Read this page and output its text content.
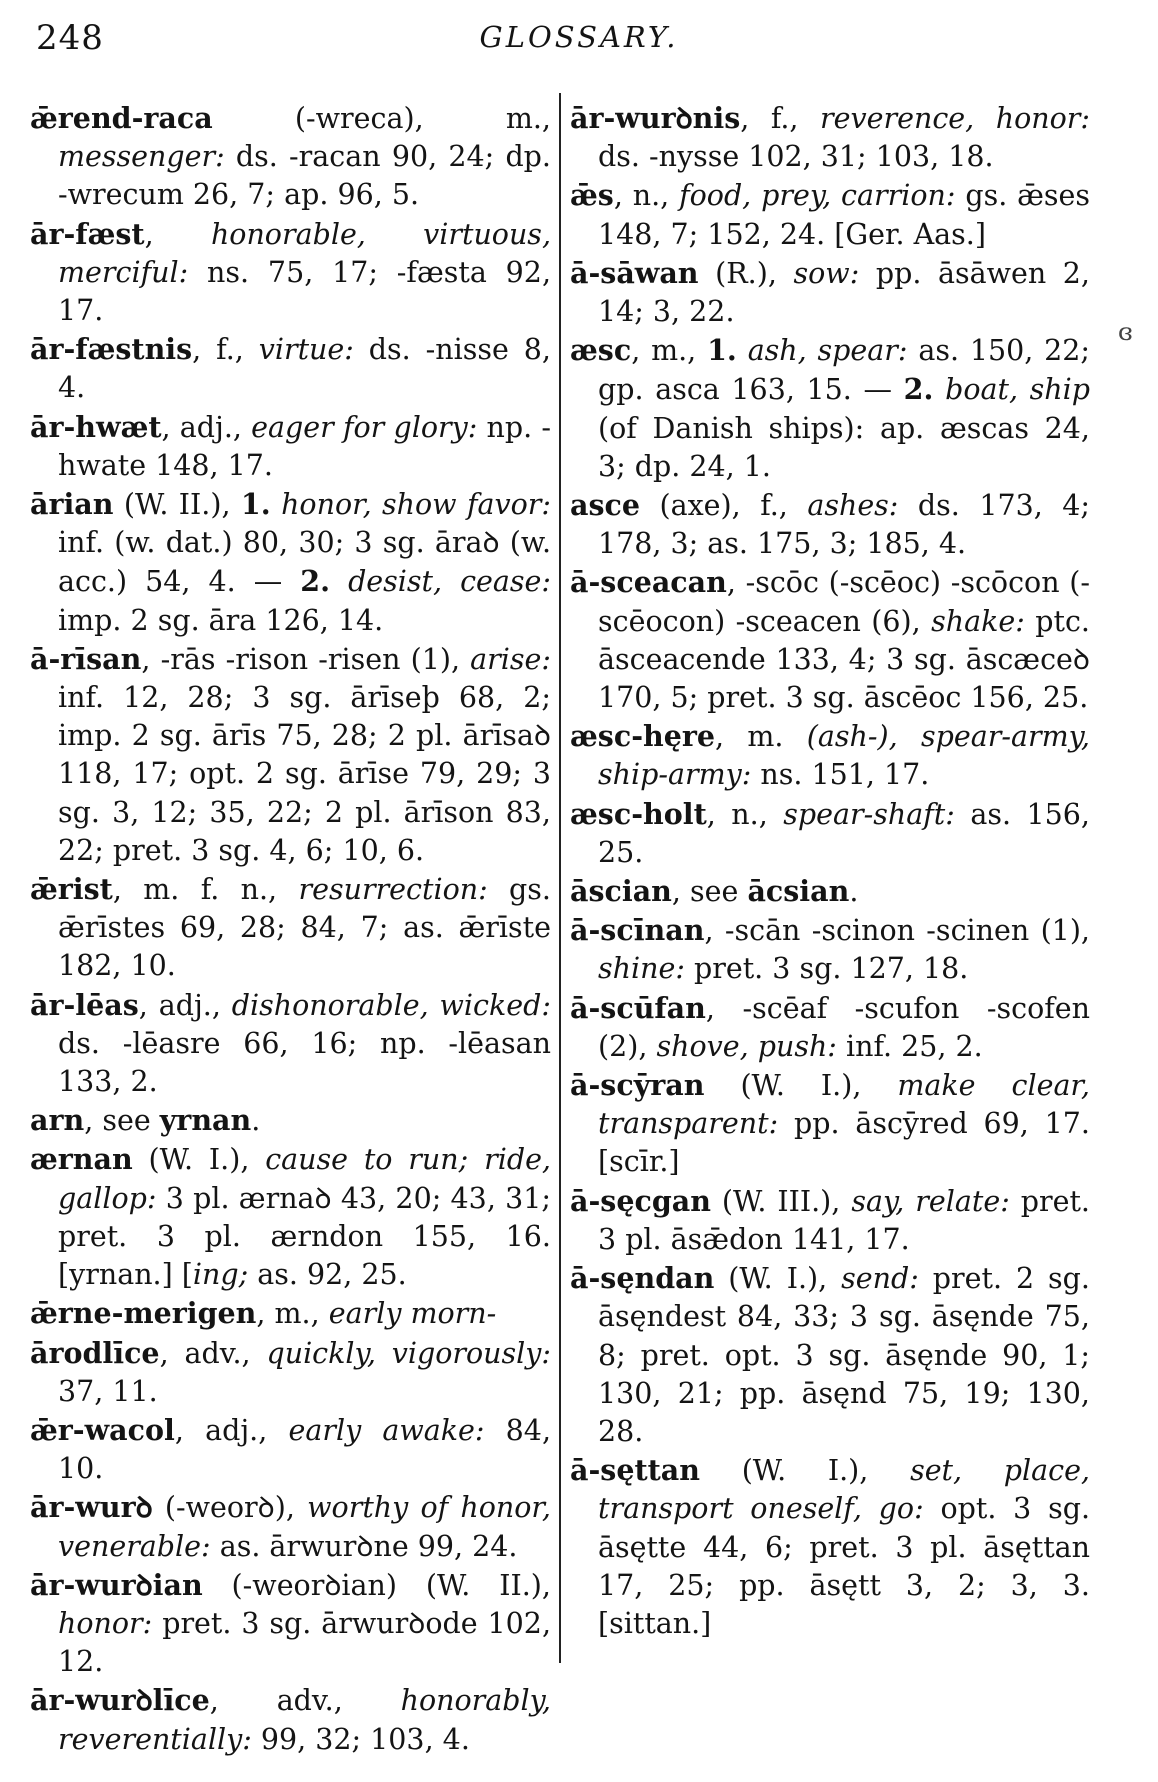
248	GLOSSARY.

ǣrend-raca (-wreca), m., messenger: ds. -racan 90, 24; dp. -wrecum 26, 7; ap. 96, 5.

ār-fæst, honorable, virtuous, merciful: ns. 75, 17; -fæsta 92, 17.

ār-fæstnis, f., virtue: ds. -nisse 8, 4.

ār-hwæt, adj., eager for glory: np. -hwate 148, 17.

ārian (W. II.), 1. honor, show favor: inf. (w. dat.) 80, 30; 3 sg. āraꝺ (w. acc.) 54, 4. — 2. desist, cease: imp. 2 sg. āra 126, 14.

ā-rīsan, -rās -rison -risen (1), arise: inf. 12, 28; 3 sg. ārīseþ 68, 2; imp. 2 sg. ārīs 75, 28; 2 pl. ārīsaꝺ 118, 17; opt. 2 sg. ārīse 79, 29; 3 sg. 3, 12; 35, 22; 2 pl. ārīson 83, 22; pret. 3 sg. 4, 6; 10, 6.

ǣrist, m. f. n., resurrection: gs. ǣrīstes 69, 28; 84, 7; as. ǣrīste 182, 10.

ār-lēas, adj., dishonorable, wicked: ds. -lēasre 66, 16; np. -lēasan 133, 2.

arn, see yrnan.

ærnan (W. I.), cause to run; ride, gallop: 3 pl. ærnaꝺ 43, 20; 43, 31; pret. 3 pl. ærndon 155, 16. [yrnan.] [ing; as. 92, 25.

ǣrne-merigen, m., early morn-

ārodlīce, adv., quickly, vigorously: 37, 11.

ǣr-wacol, adj., early awake: 84, 10.

ār-wurꝺ (-weorꝺ), worthy of honor, venerable: as. ārwurꝺne 99, 24.

ār-wurꝺian (-weorꝺian) (W. II.), honor: pret. 3 sg. ārwurꝺode 102, 12.

ār-wurꝺlīce, adv., honorably, reverentially: 99, 32; 103, 4.

ār-wurꝺnis, f., reverence, honor: ds. -nysse 102, 31; 103, 18.

ǣs, n., food, prey, carrion: gs. ǣses 148, 7; 152, 24. [Ger. Aas.]

ā-sāwan (R.), sow: pp. āsāwen 2, 14; 3, 22.

æsc, m., 1. ash, spear: as. 150, 22; gp. asca 163, 15. — 2. boat, ship (of Danish ships): ap. æscas 24, 3; dp. 24, 1.

asce (axe), f., ashes: ds. 173, 4; 178, 3; as. 175, 3; 185, 4.

ā-sceacan, -scōc (-scēoc) -scōcon (-scēocon) -sceacen (6), shake: ptc. āsceacende 133, 4; 3 sg. āscæceꝺ 170, 5; pret. 3 sg. āscēoc 156, 25.

æsc-hęre, m. (ash-), spear-army, ship-army: ns. 151, 17.

æsc-holt, n., spear-shaft: as. 156, 25.

āscian, see ācsian.

ā-scīnan, -scān -scinon -scinen (1), shine: pret. 3 sg. 127, 18.

ā-scūfan, -scēaf -scufon -scofen (2), shove, push: inf. 25, 2.

ā-scȳran (W. I.), make clear, transparent: pp. āscȳred 69, 17. [scīr.]

ā-sęcgan (W. III.), say, relate: pret. 3 pl. āsǣdon 141, 17.

ā-sęndan (W. I.), send: pret. 2 sg. āsęndest 84, 33; 3 sg. āsęnde 75, 8; pret. opt. 3 sg. āsęnde 90, 1; 130, 21; pp. āsęnd 75, 19; 130, 28.

ā-sęttan (W. I.), set, place, transport oneself, go: opt. 3 sg. āsętte 44, 6; pret. 3 pl. āsęttan 17, 25; pp. āsętt 3, 2; 3, 3. [sittan.]

ɞ
